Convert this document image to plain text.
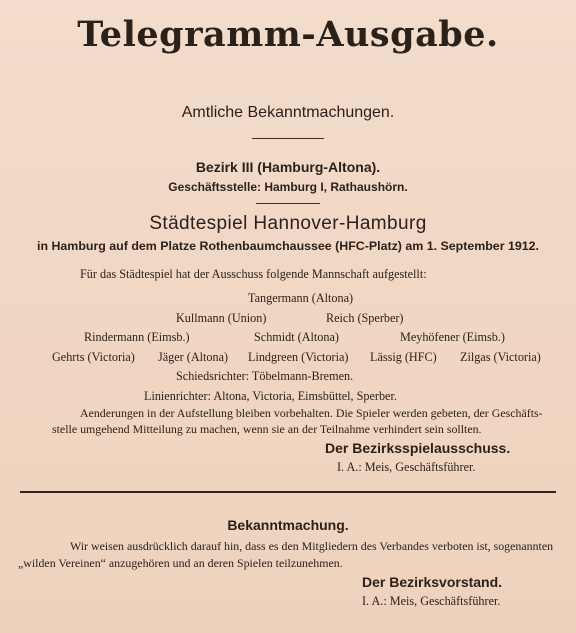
Telegramm-Ausgabe.
Amtliche Bekanntmachungen.
Bezirk III (Hamburg-Altona).
Geschäftsstelle: Hamburg I, Rathaushörn.
Städtespiel Hannover-Hamburg
in Hamburg auf dem Platze Rothenbaumchaussee (HFC-Platz) am 1. September 1912.
Für das Städtespiel hat der Ausschuss folgende Mannschaft aufgestellt:
Tangermann (Altona)
Kullmann (Union)	Reich (Sperber)
Rindermann (Eimsb.)	Schmidt (Altona)	Meyhöfener (Eimsb.)
Gehrts (Victoria) Jäger (Altona) Lindgreen (Victoria) Lässig (HFC) Zilgas (Victoria)
Schiedsrichter: Töbelmann-Bremen.
Linienrichter: Altona, Victoria, Eimsbüttel, Sperber.
Aenderungen in der Aufstellung bleiben vorbehalten. Die Spieler werden gebeten, der Geschäfts-
stelle umgehend Mitteilung zu machen, wenn sie an der Teilnahme verhindert sein sollten.
Der Bezirksspielausschuss.
I. A.: Meis, Geschäftsführer.
Bekanntmachung.
Wir weisen ausdrücklich darauf hin, dass es den Mitgliedern des Verbandes verboten ist, sogenannten
„wilden Vereinen“ anzugehören und an deren Spielen teilzunehmen.
Der Bezirksvorstand.
I. A.: Meis, Geschäftsführer.
